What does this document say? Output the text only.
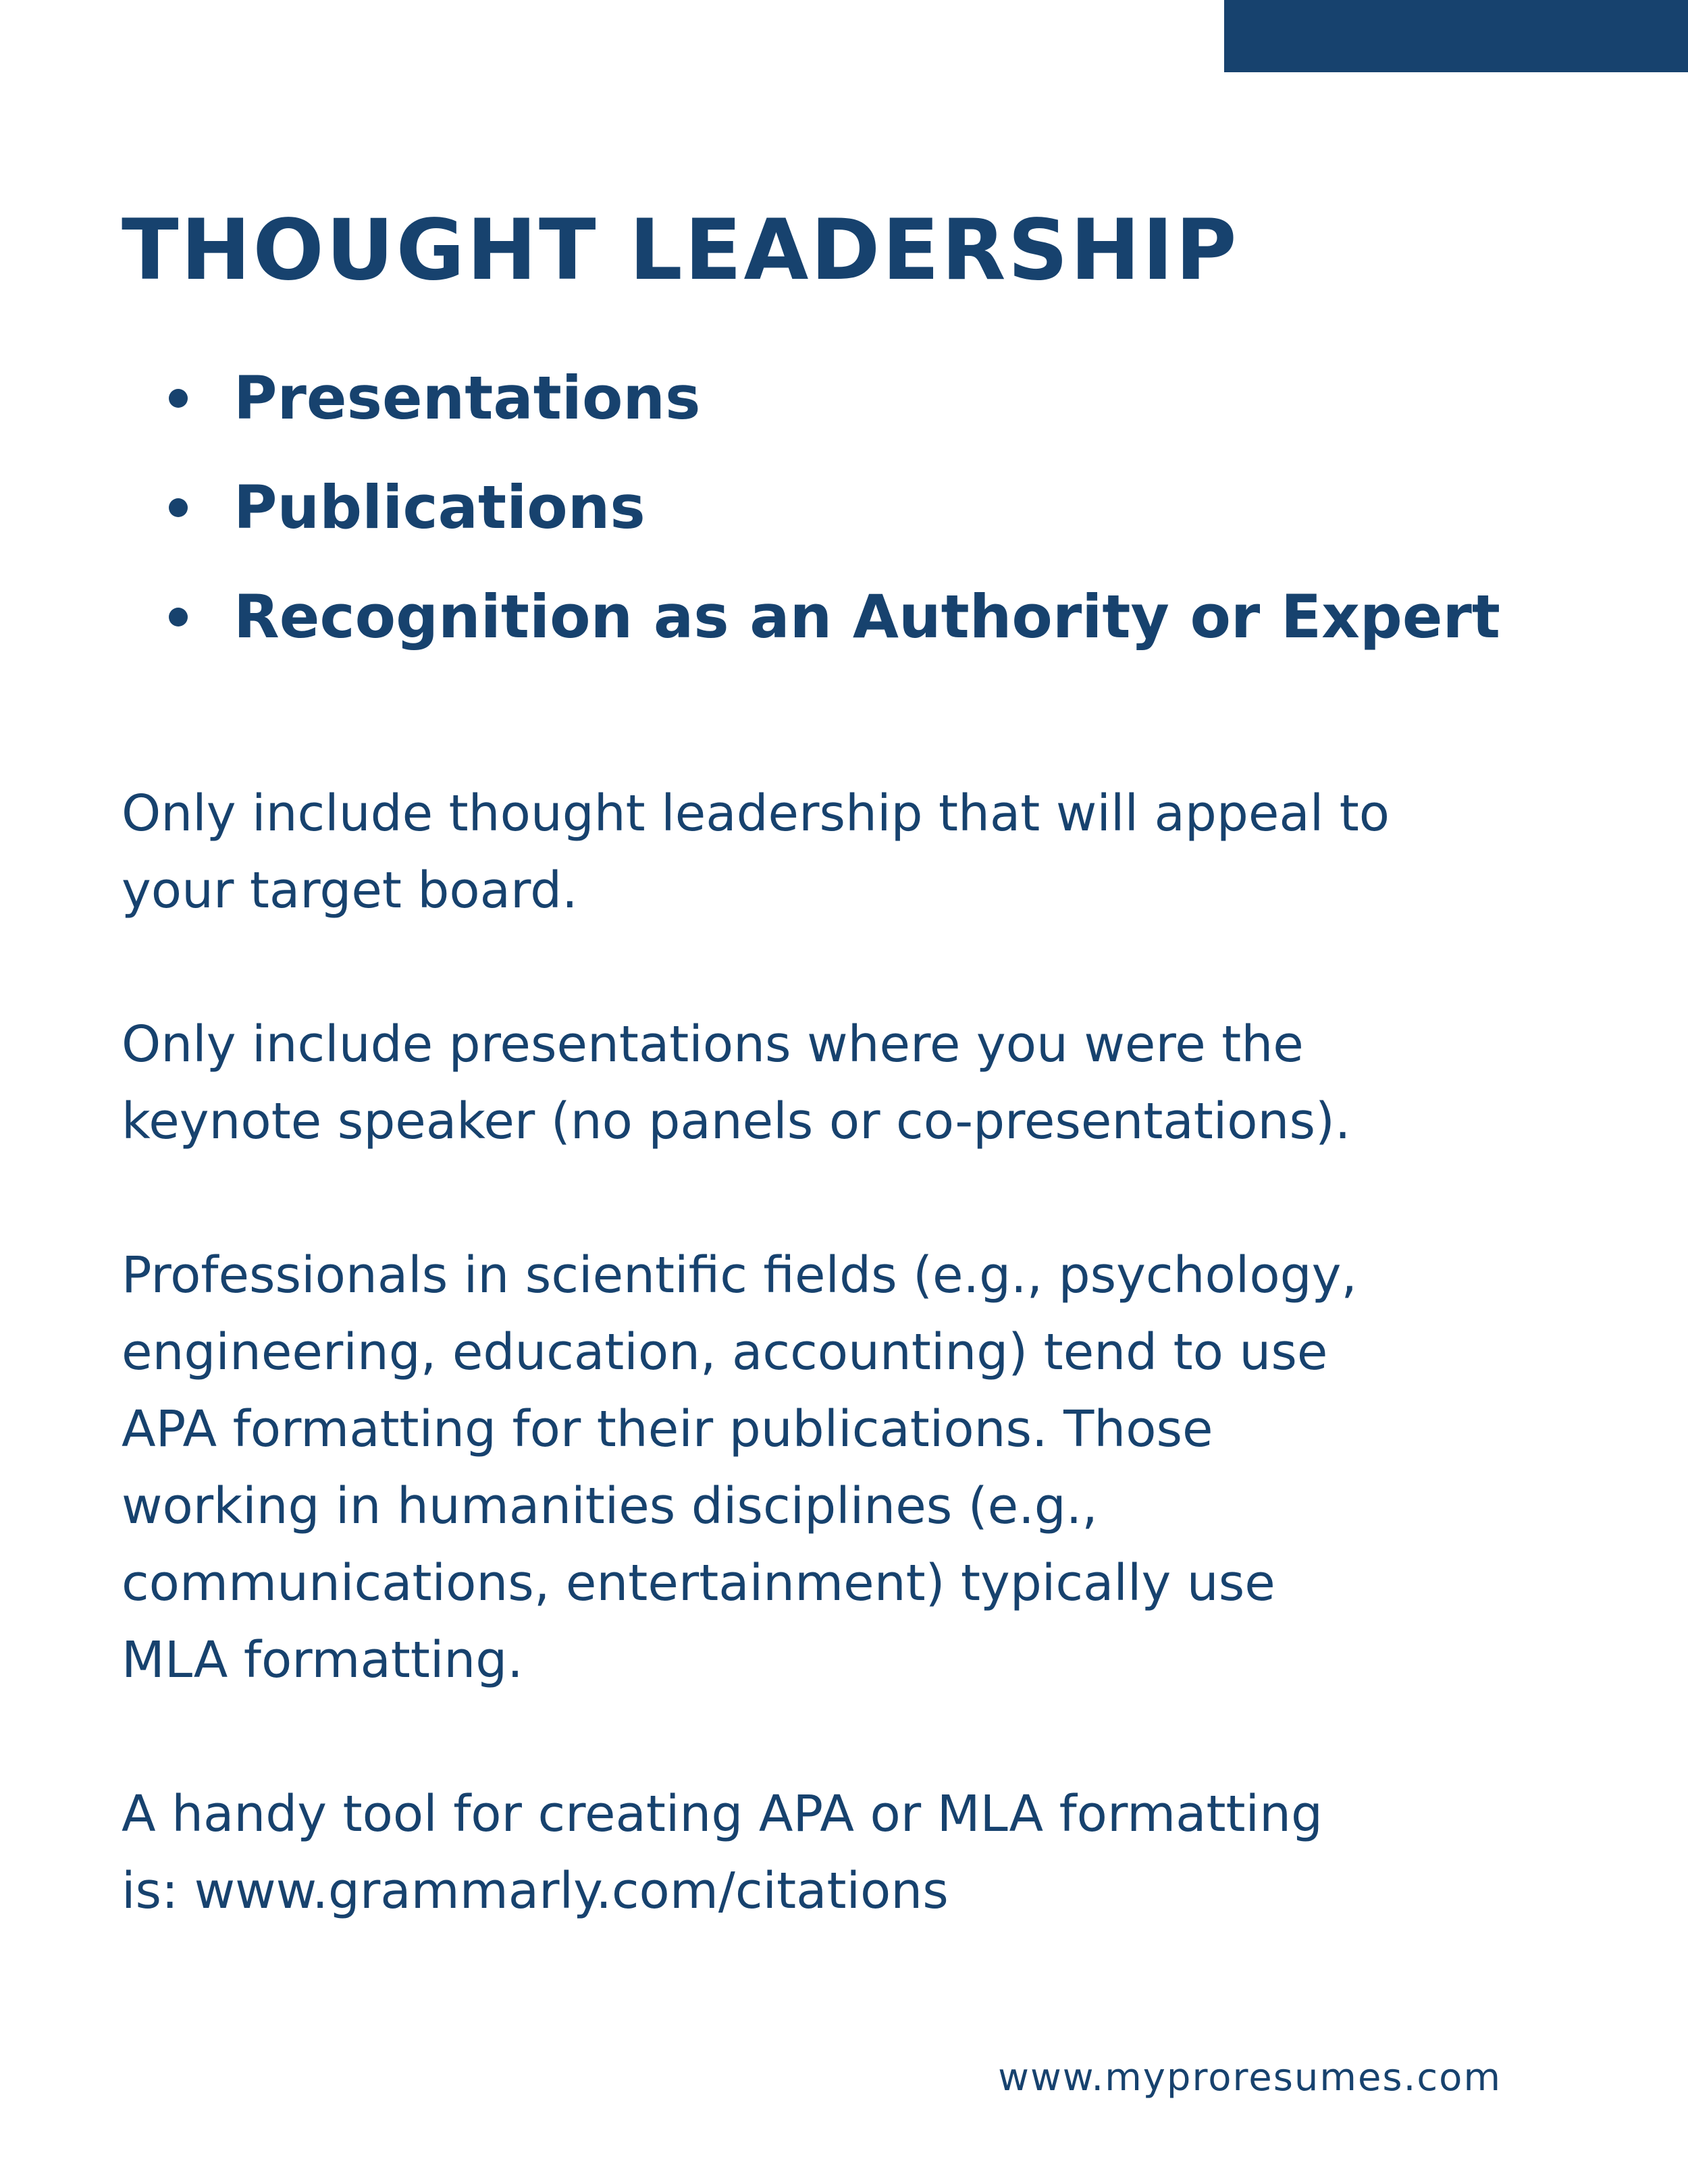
THOUGHT LEADERSHIP
Presentations
Publications
Recognition as an Authority or Expert

Only include thought leadership that will appeal to
your target board.

Only include presentations where you were the
keynote speaker (no panels or co-presentations).

Professionals in scientific fields (e.g., psychology,
engineering, education, accounting) tend to use
APA formatting for their publications. Those
working in humanities disciplines (e.g.,
communications, entertainment) typically use
MLA formatting.

A handy tool for creating APA or MLA formatting
is: www.grammarly.com/citations

www.myproresumes.com
